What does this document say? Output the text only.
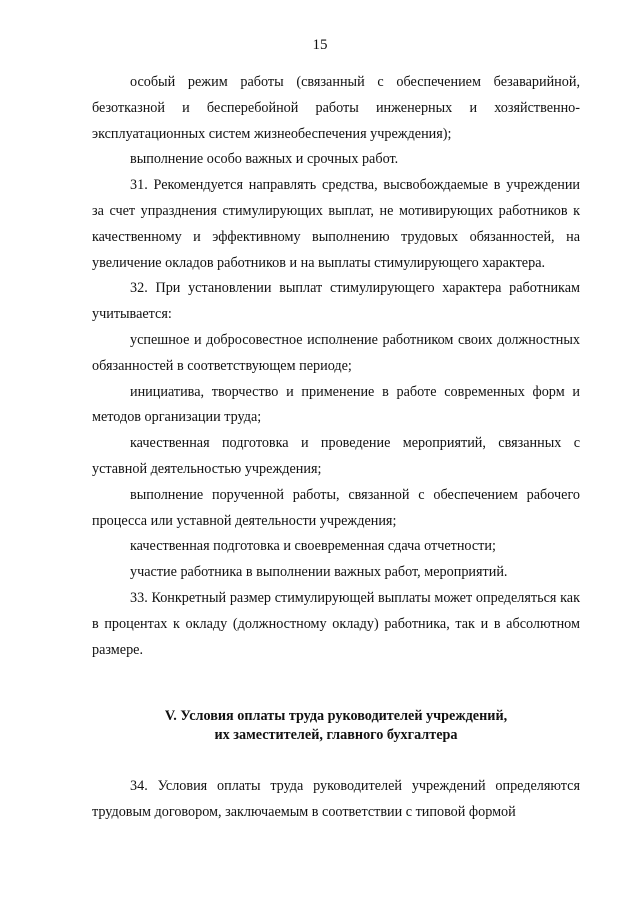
15

особый режим работы (связанный с обеспечением безаварийной, безотказной и бесперебойной работы инженерных и хозяйственно-эксплуатационных систем жизнеобеспечения учреждения);

выполнение особо важных и срочных работ.

31. Рекомендуется направлять средства, высвобождаемые в учреждении за счет упразднения стимулирующих выплат, не мотивирующих работников к качественному и эффективному выполнению трудовых обязанностей, на увеличение окладов работников и на выплаты стимулирующего характера.

32. При установлении выплат стимулирующего характера работникам учитывается:

успешное и добросовестное исполнение работником своих должностных обязанностей в соответствующем периоде;

инициатива, творчество и применение в работе современных форм и методов организации труда;

качественная подготовка и проведение мероприятий, связанных с уставной деятельностью учреждения;

выполнение порученной работы, связанной с обеспечением рабочего процесса или уставной деятельности учреждения;

качественная подготовка и своевременная сдача отчетности;

участие работника в выполнении важных работ, мероприятий.

33. Конкретный размер стимулирующей выплаты может определяться как в процентах к окладу (должностному окладу) работника, так и в абсолютном размере.

V. Условия оплаты труда руководителей учреждений,
их заместителей, главного бухгалтера

34. Условия оплаты труда руководителей учреждений определяются трудовым договором, заключаемым в соответствии с типовой формой
